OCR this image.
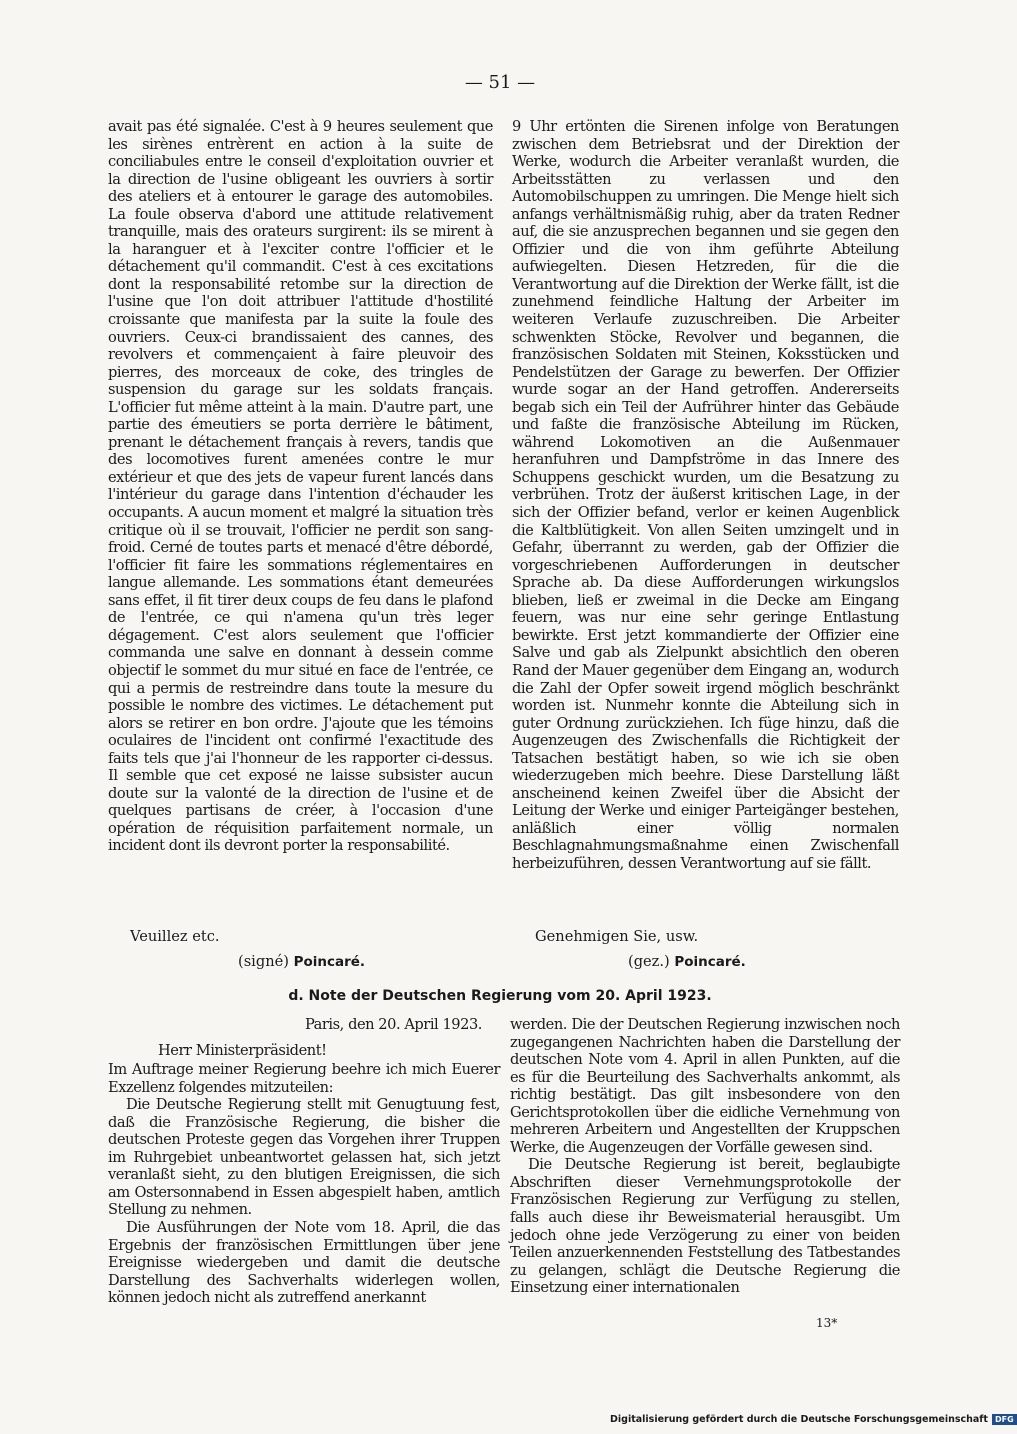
— 51 —

avait pas été signalée. C'est à 9 heures seulement que les sirènes entrèrent en action à la suite de conciliabules entre le conseil d'exploitation ouvrier et la direction de l'usine obligeant les ouvriers à sortir des ateliers et à entourer le garage des automobiles. La foule observa d'abord une attitude relativement tranquille, mais des orateurs surgirent: ils se mirent à la haranguer et à l'exciter contre l'officier et le détachement qu'il commandit. C'est à ces excitations dont la responsabilité retombe sur la direction de l'usine que l'on doit attribuer l'attitude d'hostilité croissante que manifesta par la suite la foule des ouvriers. Ceux-ci brandissaient des cannes, des revolvers et commençaient à faire pleuvoir des pierres, des morceaux de coke, des tringles de suspension du garage sur les soldats français. L'officier fut même atteint à la main. D'autre part, une partie des émeutiers se porta derrière le bâtiment, prenant le détachement français à revers, tandis que des locomotives furent amenées contre le mur extérieur et que des jets de vapeur furent lancés dans l'intérieur du garage dans l'intention d'échauder les occupants. A aucun moment et malgré la situation très critique où il se trouvait, l'officier ne perdit son sang-froid. Cerné de toutes parts et menacé d'être débordé, l'officier fit faire les sommations réglementaires en langue allemande. Les sommations étant demeurées sans effet, il fit tirer deux coups de feu dans le plafond de l'entrée, ce qui n'amena qu'un très leger dégagement. C'est alors seulement que l'officier commanda une salve en donnant à dessein comme objectif le sommet du mur situé en face de l'entrée, ce qui a permis de restreindre dans toute la mesure du possible le nombre des victimes. Le détachement put alors se retirer en bon ordre. J'ajoute que les témoins oculaires de l'incident ont confirmé l'exactitude des faits tels que j'ai l'honneur de les rapporter ci-dessus. Il semble que cet exposé ne laisse subsister aucun doute sur la valonté de la direction de l'usine et de quelques partisans de créer, à l'occasion d'une opération de réquisition parfaitement normale, un incident dont ils devront porter la responsabilité.

9 Uhr ertönten die Sirenen infolge von Beratungen zwischen dem Betriebsrat und der Direktion der Werke, wodurch die Arbeiter veranlaßt wurden, die Arbeitsstätten zu verlassen und den Automobilschuppen zu umringen. Die Menge hielt sich anfangs verhältnismäßig ruhig, aber da traten Redner auf, die sie anzusprechen begannen und sie gegen den Offizier und die von ihm geführte Abteilung aufwiegelten. Diesen Hetzreden, für die die Verantwortung auf die Direktion der Werke fällt, ist die zunehmend feindliche Haltung der Arbeiter im weiteren Verlaufe zuzuschreiben. Die Arbeiter schwenkten Stöcke, Revolver und begannen, die französischen Soldaten mit Steinen, Koksstücken und Pendelstützen der Garage zu bewerfen. Der Offizier wurde sogar an der Hand getroffen. Andererseits begab sich ein Teil der Aufrührer hinter das Gebäude und faßte die französische Abteilung im Rücken, während Lokomotiven an die Außenmauer heranfuhren und Dampfströme in das Innere des Schuppens geschickt wurden, um die Besatzung zu verbrühen. Trotz der äußerst kritischen Lage, in der sich der Offizier befand, verlor er keinen Augenblick die Kaltblütigkeit. Von allen Seiten umzingelt und in Gefahr, überrannt zu werden, gab der Offizier die vorgeschriebenen Aufforderungen in deutscher Sprache ab. Da diese Aufforderungen wirkungslos blieben, ließ er zweimal in die Decke am Eingang feuern, was nur eine sehr geringe Entlastung bewirkte. Erst jetzt kommandierte der Offizier eine Salve und gab als Zielpunkt absichtlich den oberen Rand der Mauer gegenüber dem Eingang an, wodurch die Zahl der Opfer soweit irgend möglich beschränkt worden ist. Nunmehr konnte die Abteilung sich in guter Ordnung zurückziehen. Ich füge hinzu, daß die Augenzeugen des Zwischenfalls die Richtigkeit der Tatsachen bestätigt haben, so wie ich sie oben wiederzugeben mich beehre. Diese Darstellung läßt anscheinend keinen Zweifel über die Absicht der Leitung der Werke und einiger Parteigänger bestehen, anläßlich einer völlig normalen Beschlagnahmungsmaßnahme einen Zwischenfall herbeizuführen, dessen Verantwortung auf sie fällt.

Veuillez etc.
(signé) Poincaré.
Genehmigen Sie, usw.
(gez.) Poincaré.
d. Note der Deutschen Regierung vom 20. April 1923.

Paris, den 20. April 1923.

Herr Ministerpräsident!

Im Auftrage meiner Regierung beehre ich mich Euerer Exzellenz folgendes mitzuteilen:

Die Deutsche Regierung stellt mit Genugtuung fest, daß die Französische Regierung, die bisher die deutschen Proteste gegen das Vorgehen ihrer Truppen im Ruhrgebiet unbeantwortet gelassen hat, sich jetzt veranlaßt sieht, zu den blutigen Ereignissen, die sich am Ostersonnabend in Essen abgespielt haben, amtlich Stellung zu nehmen.

Die Ausführungen der Note vom 18. April, die das Ergebnis der französischen Ermittlungen über jene Ereignisse wiedergeben und damit die deutsche Darstellung des Sachverhalts widerlegen wollen, können jedoch nicht als zutreffend anerkannt

werden. Die der Deutschen Regierung inzwischen noch zugegangenen Nachrichten haben die Darstellung der deutschen Note vom 4. April in allen Punkten, auf die es für die Beurteilung des Sachverhalts ankommt, als richtig bestätigt. Das gilt insbesondere von den Gerichtsprotokollen über die eidliche Vernehmung von mehreren Arbeitern und Angestellten der Kruppschen Werke, die Augenzeugen der Vorfälle gewesen sind.

Die Deutsche Regierung ist bereit, beglaubigte Abschriften dieser Vernehmungsprotokolle der Französischen Regierung zur Verfügung zu stellen, falls auch diese ihr Beweismaterial herausgibt. Um jedoch ohne jede Verzögerung zu einer von beiden Teilen anzuerkennenden Feststellung des Tatbestandes zu gelangen, schlägt die Deutsche Regierung die Einsetzung einer internationalen

13*
Digitalisierung gefördert durch die Deutsche Forschungsgemeinschaft DFG
